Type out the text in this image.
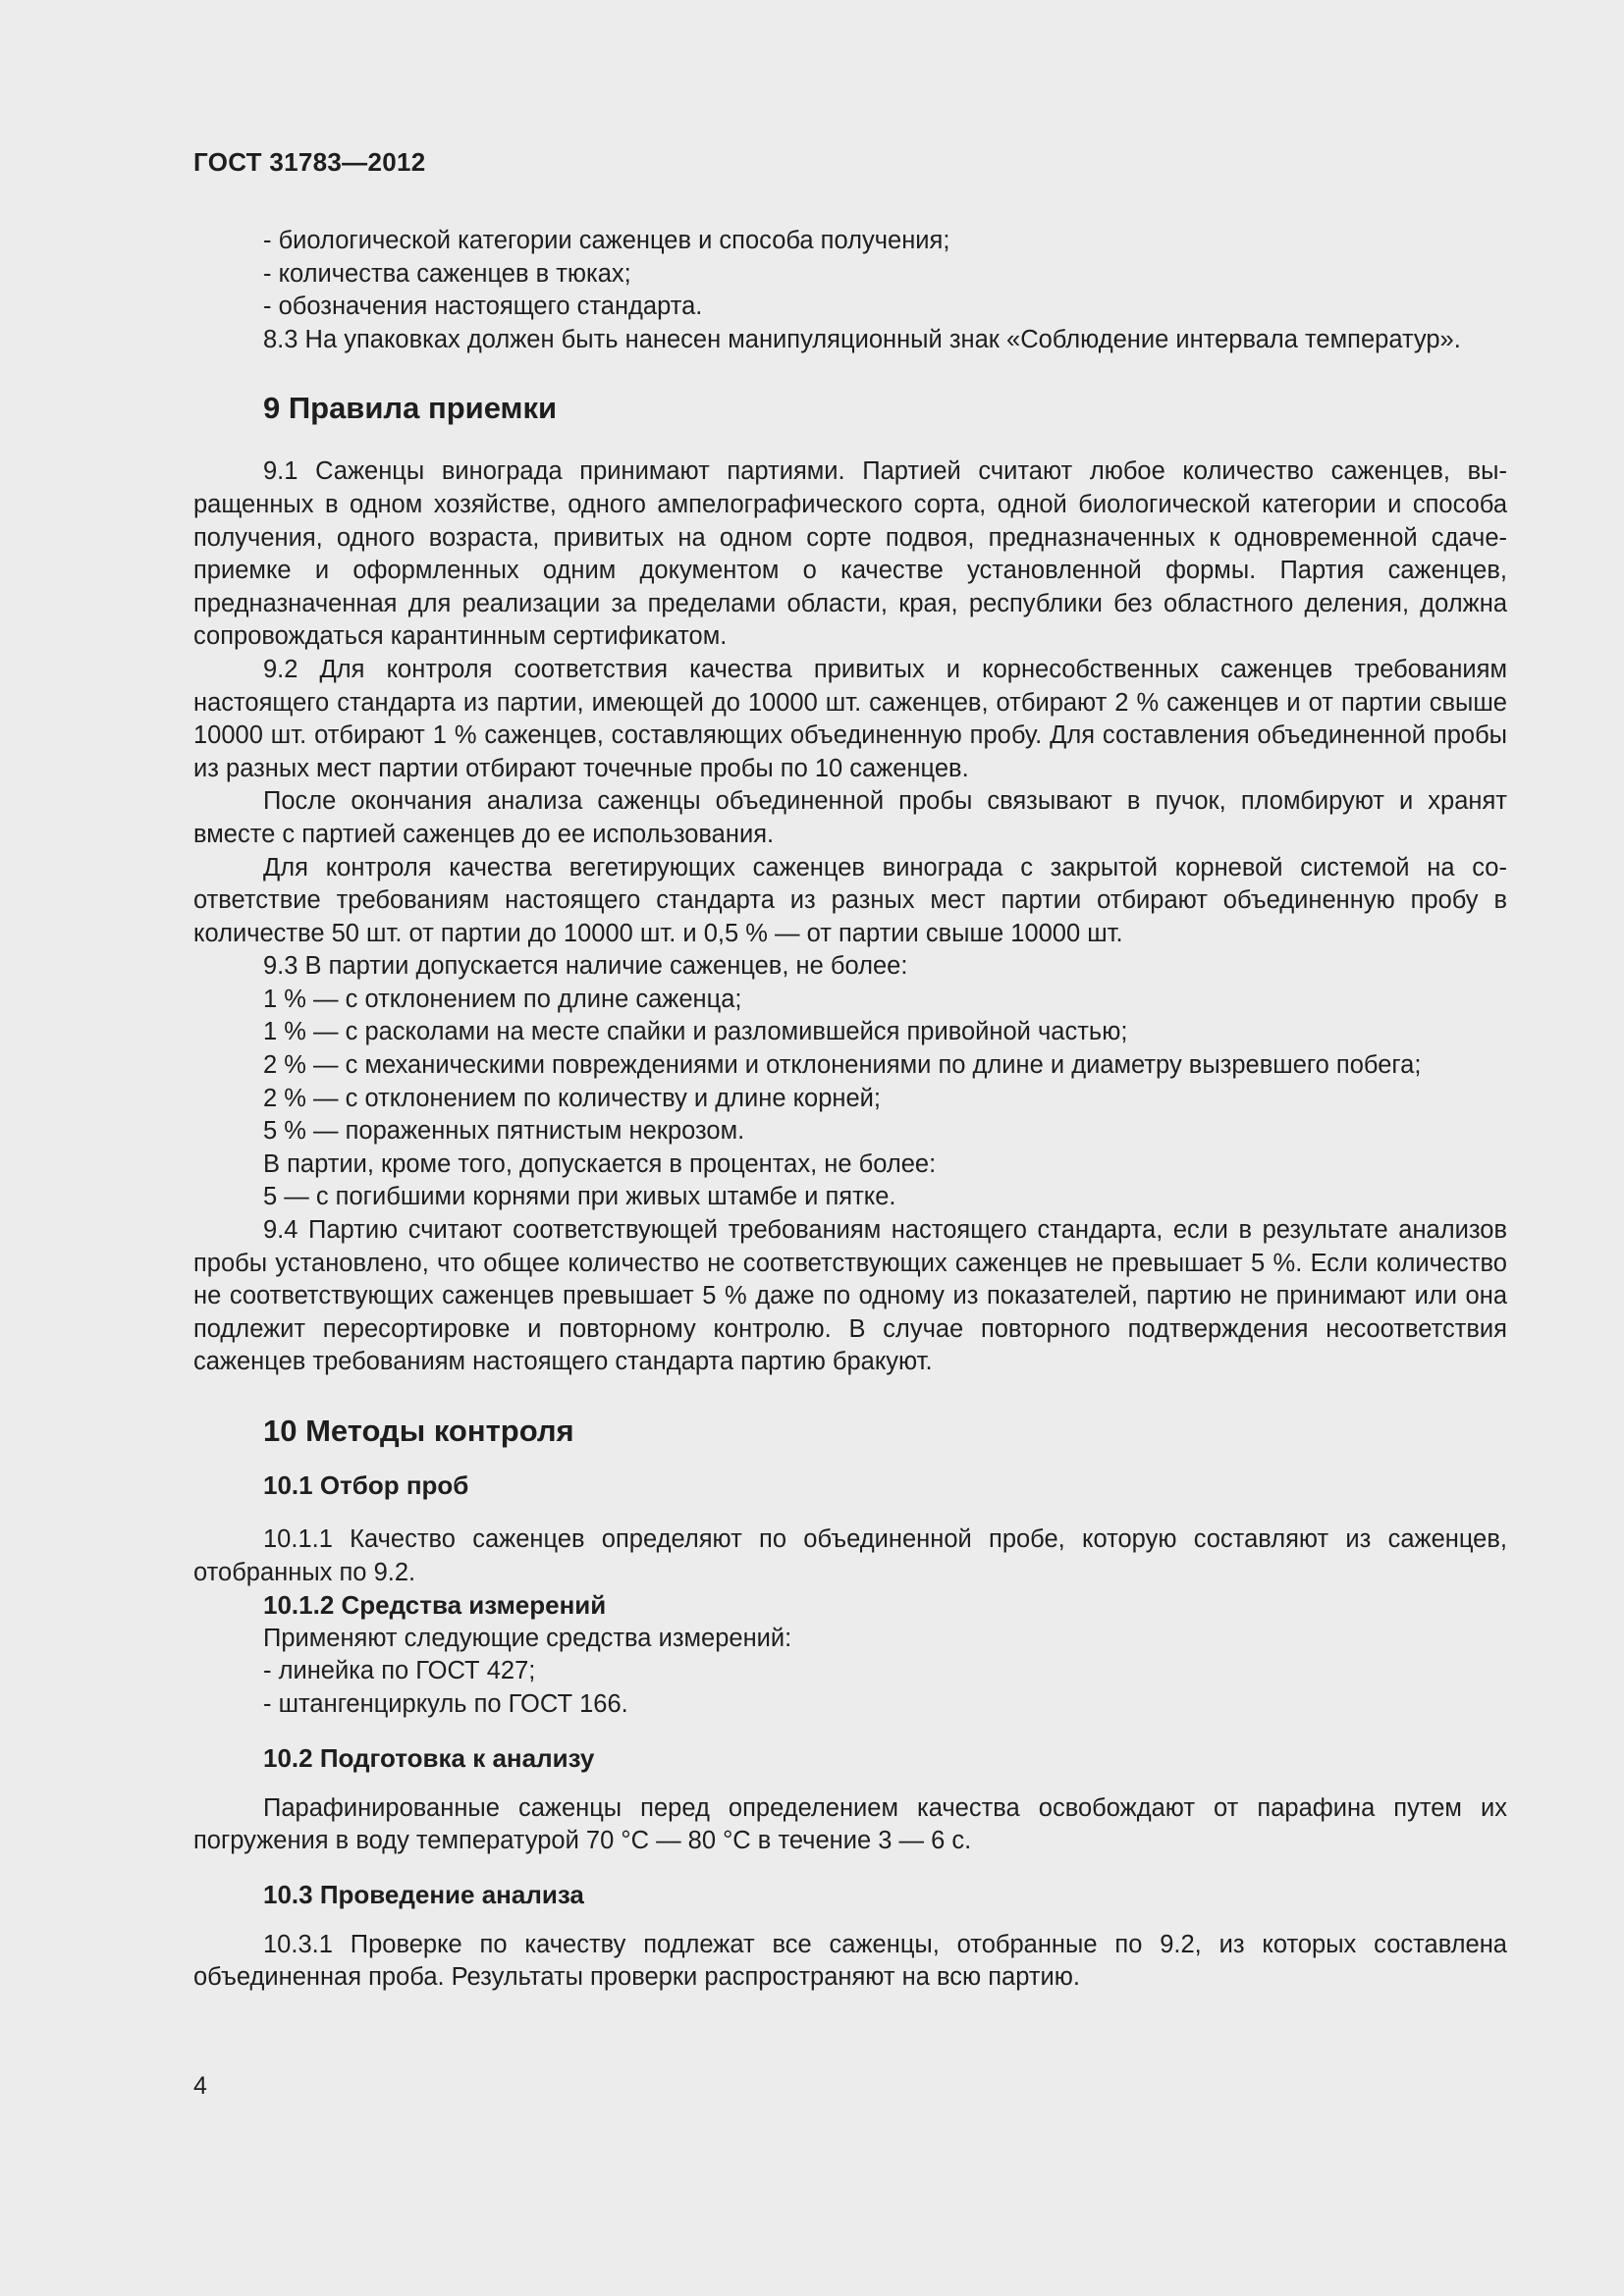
ГОСТ 31783—2012

- биологической категории саженцев и способа получения;

- количества саженцев в тюках;

- обозначения настоящего стандарта.

8.3 На упаковках должен быть нанесен манипуляционный знак «Соблюдение интервала температур».

9 Правила приемки

9.1 Саженцы винограда принимают партиями. Партией считают любое количество саженцев, выращенных в одном хозяйстве, одного ампелографического сорта, одной биологической категории и способа получения, одного возраста, привитых на одном сорте подвоя, предназначенных к одновременной сдаче-приемке и оформленных одним документом о качестве установленной формы. Партия саженцев, предназначенная для реализации за пределами области, края, республики без областного деления, должна сопровождаться карантинным сертификатом.

9.2 Для контроля соответствия качества привитых и корнесобственных саженцев требованиям настоящего стандарта из партии, имеющей до 10000 шт. саженцев, отбирают 2 % саженцев и от партии свыше 10000 шт. отбирают 1 % саженцев, составляющих объединенную пробу. Для составления объединенной пробы из разных мест партии отбирают точечные пробы по 10 саженцев.

После окончания анализа саженцы объединенной пробы связывают в пучок, пломбируют и хранят вместе с партией саженцев до ее использования.

Для контроля качества вегетирующих саженцев винограда с закрытой корневой системой на соответствие требованиям настоящего стандарта из разных мест партии отбирают объединенную пробу в количестве 50 шт. от партии до 10000 шт. и 0,5 % — от партии свыше 10000 шт.

9.3 В партии допускается наличие саженцев, не более:

1 % — с отклонением по длине саженца;

1 % — с расколами на месте спайки и разломившейся привойной частью;

2 % — с механическими повреждениями и отклонениями по длине и диаметру вызревшего побега;

2 % — с отклонением по количеству и длине корней;

5 % — пораженных пятнистым некрозом.

В партии, кроме того, допускается в процентах, не более:

5 — с погибшими корнями при живых штамбе и пятке.

9.4 Партию считают соответствующей требованиям настоящего стандарта, если в результате анализов пробы установлено, что общее количество не соответствующих саженцев не превышает 5 %. Если количество не соответствующих саженцев превышает 5 % даже по одному из показателей, партию не принимают или она подлежит пересортировке и повторному контролю. В случае повторного подтверждения несоответствия саженцев требованиям настоящего стандарта партию бракуют.

10 Методы контроля
10.1 Отбор проб

10.1.1 Качество саженцев определяют по объединенной пробе, которую составляют из саженцев, отобранных по 9.2.

10.1.2 Средства измерений

Применяют следующие средства измерений:

- линейка по ГОСТ 427;

- штангенциркуль по ГОСТ 166.

10.2 Подготовка к анализу

Парафинированные саженцы перед определением качества освобождают от парафина путем их погружения в воду температурой 70 °С — 80 °С в течение 3 — 6 с.

10.3 Проведение анализа

10.3.1 Проверке по качеству подлежат все саженцы, отобранные по 9.2, из которых составлена объединенная проба. Результаты проверки распространяют на всю партию.

4
